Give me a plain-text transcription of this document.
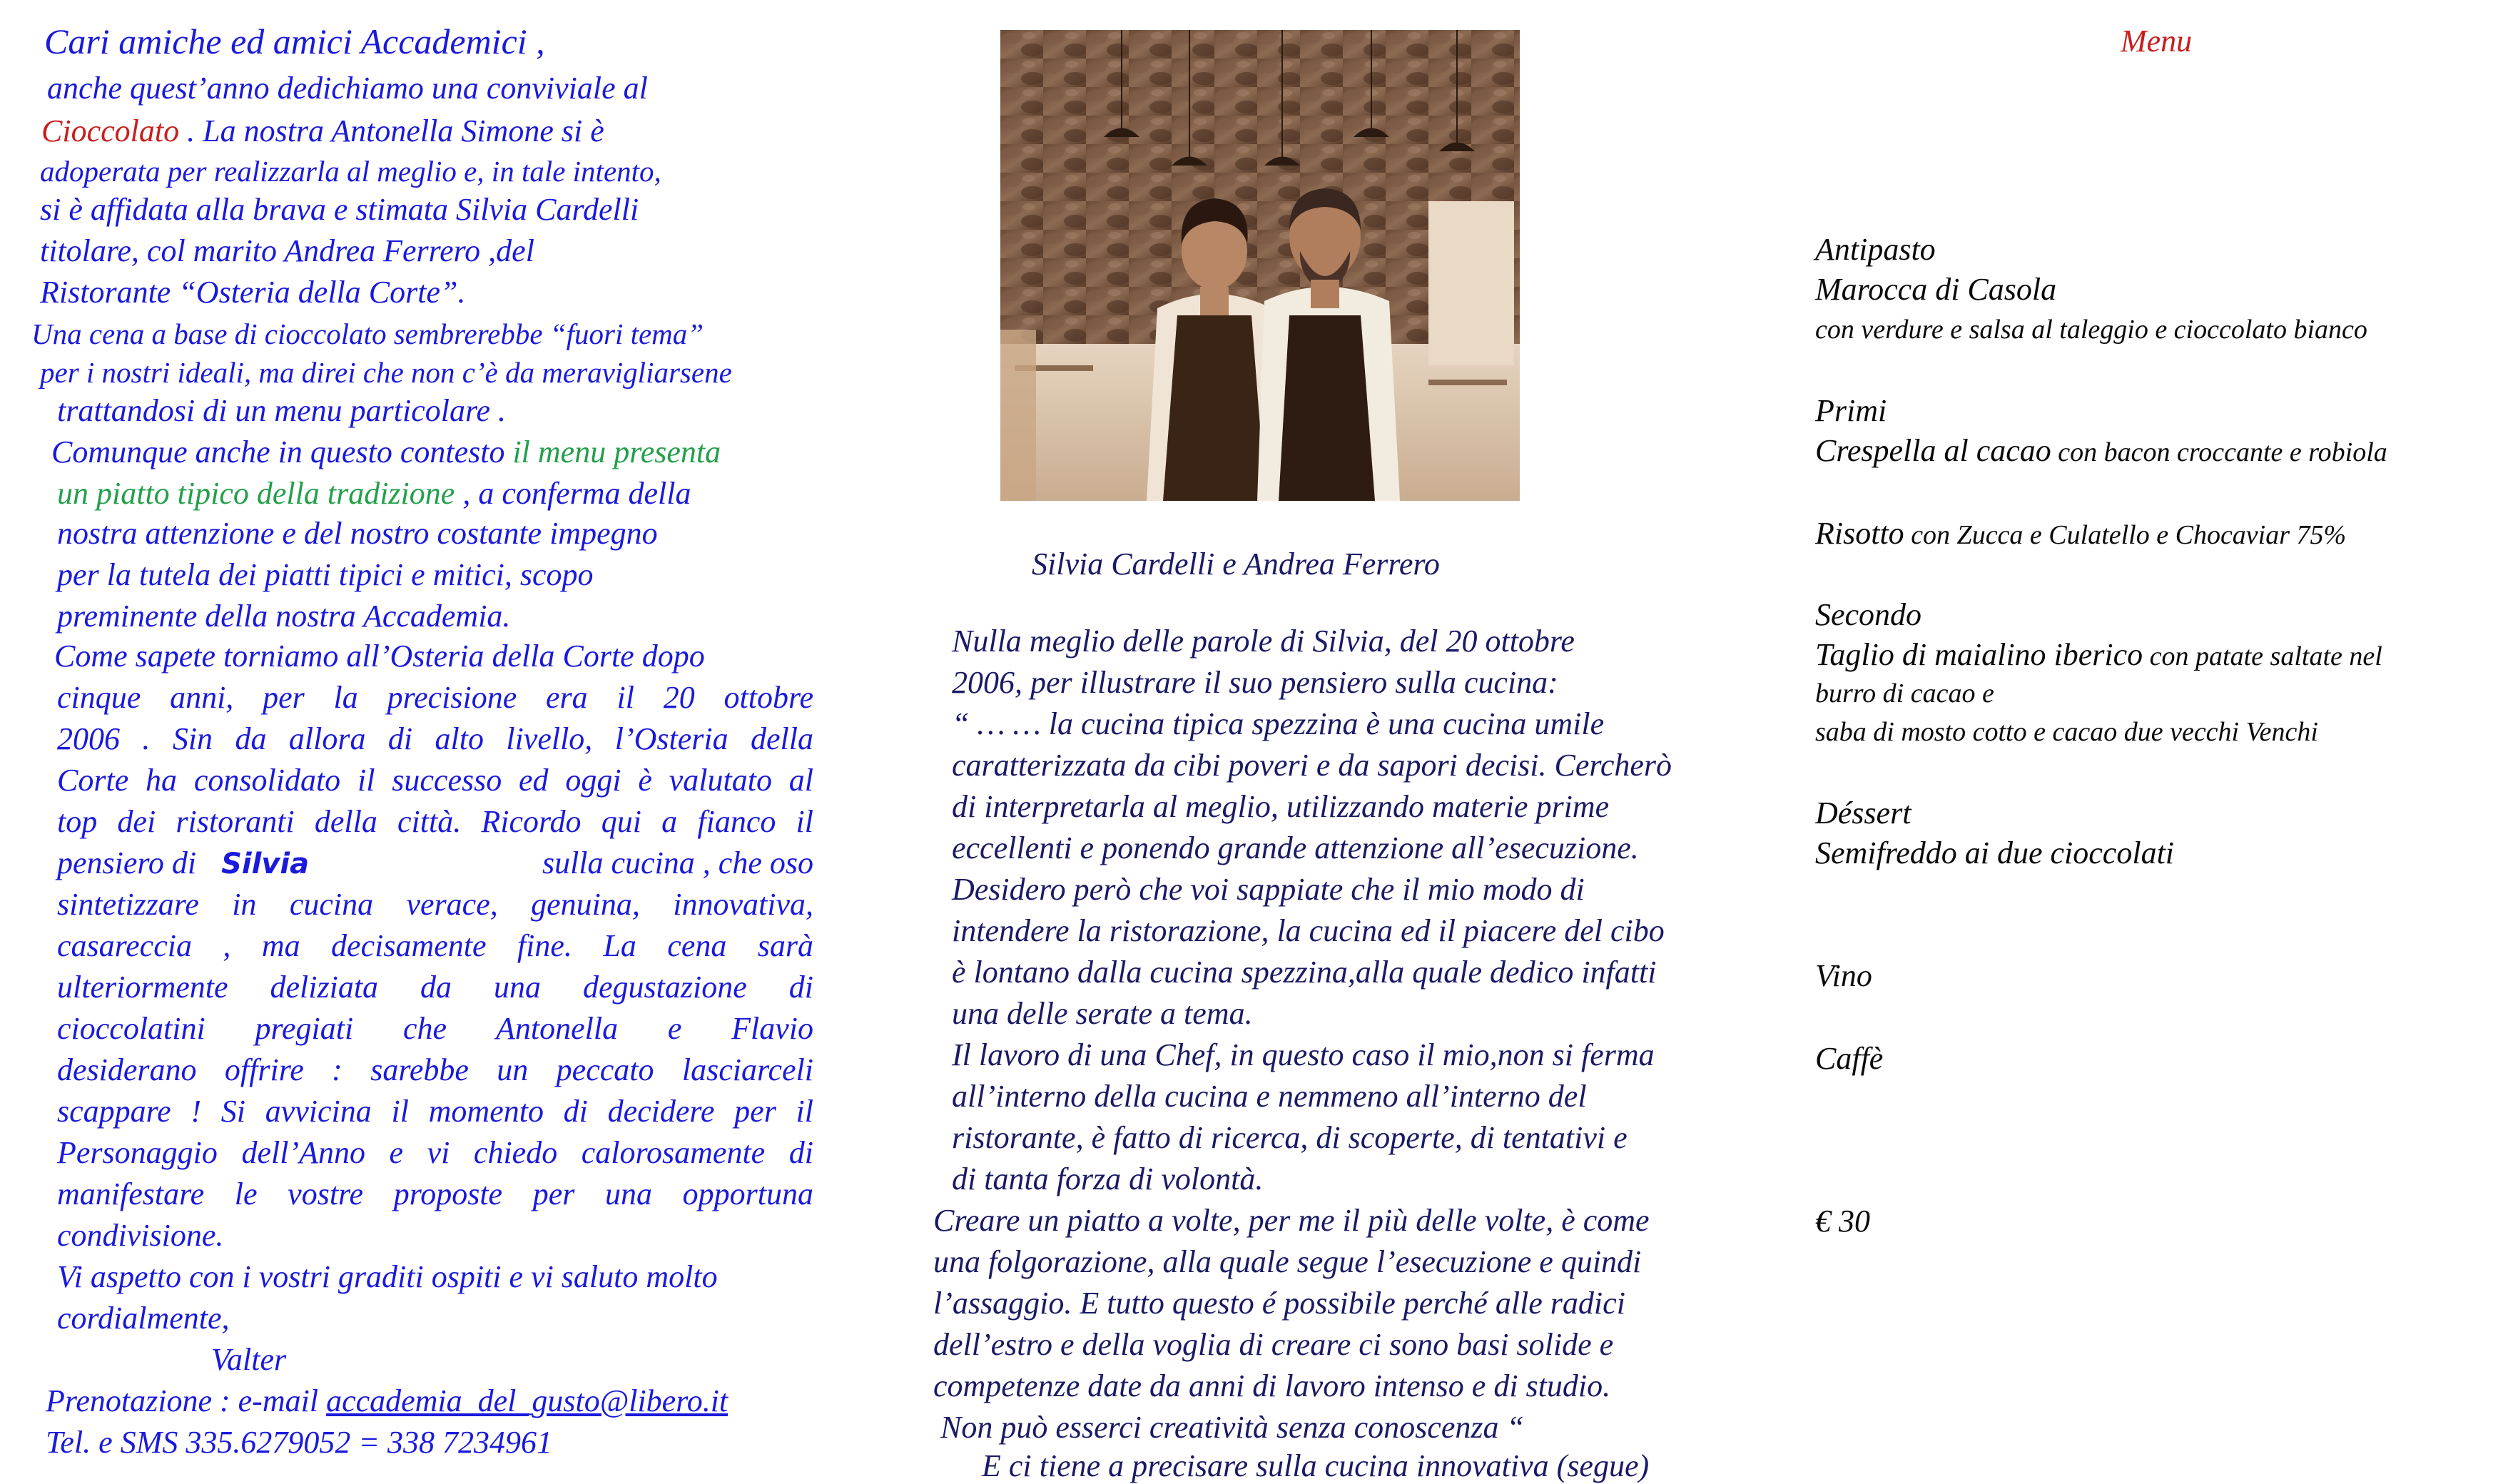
Cari amiche ed amici Accademici ,
anche quest’anno dedichiamo una conviviale al
Cioccolato . La nostra Antonella Simone si è
adoperata per realizzarla al meglio e, in tale intento,
si è affidata alla brava e stimata Silvia Cardelli
titolare, col marito Andrea Ferrero ,del
Ristorante “Osteria della Corte”.
Una cena a base di cioccolato sembrerebbe “fuori tema”
per i nostri ideali, ma direi che non c’è da meravigliarsene
trattandosi di un menu particolare .
Comunque anche in questo contesto il menu presenta
un piatto tipico della tradizione , a conferma della
nostra attenzione e del nostro costante impegno
per la tutela dei piatti tipici e mitici, scopo
preminente della nostra Accademia.
Come sapete torniamo all’Osteria della Corte dopo
cinque anni, per la precisione era il 20 ottobre
2006 . Sin da allora di alto livello, l’Osteria della
Corte ha consolidato il successo ed oggi è valutato al
top dei ristoranti della città. Ricordo qui a fianco il
pensiero di Silvia	sulla cucina , che oso
sintetizzare in cucina verace, genuina, innovativa,
casareccia , ma decisamente fine. La cena sarà
ulteriormente deliziata da una degustazione di
cioccolatini pregiati che Antonella e Flavio
desiderano offrire : sarebbe un peccato lasciarceli
scappare ! Si avvicina il momento di decidere per il
Personaggio dell’Anno e vi chiedo calorosamente di
manifestare le vostre proposte per una opportuna
condivisione.
Vi aspetto con i vostri graditi ospiti e vi saluto molto
cordialmente,
Valter
Prenotazione : e-mail accademia_del_gusto@libero.it
Tel. e SMS 335.6279052 = 338 7234961
Silvia Cardelli e Andrea Ferrero
Nulla meglio delle parole di Silvia, del 20 ottobre
2006, per illustrare il suo pensiero sulla cucina:
“ … … la cucina tipica spezzina è una cucina umile
caratterizzata da cibi poveri e da sapori decisi. Cercherò
di interpretarla al meglio, utilizzando materie prime
eccellenti e ponendo grande attenzione all’esecuzione.
Desidero però che voi sappiate che il mio modo di
intendere la ristorazione, la cucina ed il piacere del cibo
è lontano dalla cucina spezzina,alla quale dedico infatti
una delle serate a tema.
Il lavoro di una Chef, in questo caso il mio,non si ferma
all’interno della cucina e nemmeno all’interno del
ristorante, è fatto di ricerca, di scoperte, di tentativi e
di tanta forza di volontà.
Creare un piatto a volte, per me il più delle volte, è come
una folgorazione, alla quale segue l’esecuzione e quindi
l’assaggio. E tutto questo é possibile perché alle radici
dell’estro e della voglia di creare ci sono basi solide e
competenze date da anni di lavoro intenso e di studio.
Non può esserci creatività senza conoscenza “
E ci tiene a precisare sulla cucina innovativa (segue)
Menu
Antipasto
Marocca di Casola
con verdure e salsa al taleggio e cioccolato bianco
Primi
Crespella al cacao con bacon croccante e robiola
Risotto con Zucca e Culatello e Chocaviar 75%
Secondo
Taglio di maialino iberico con patate saltate nel
burro di cacao e
saba di mosto cotto e cacao due vecchi Venchi
Déssert
Semifreddo ai due cioccolati
Vino
Caffè
€ 30
